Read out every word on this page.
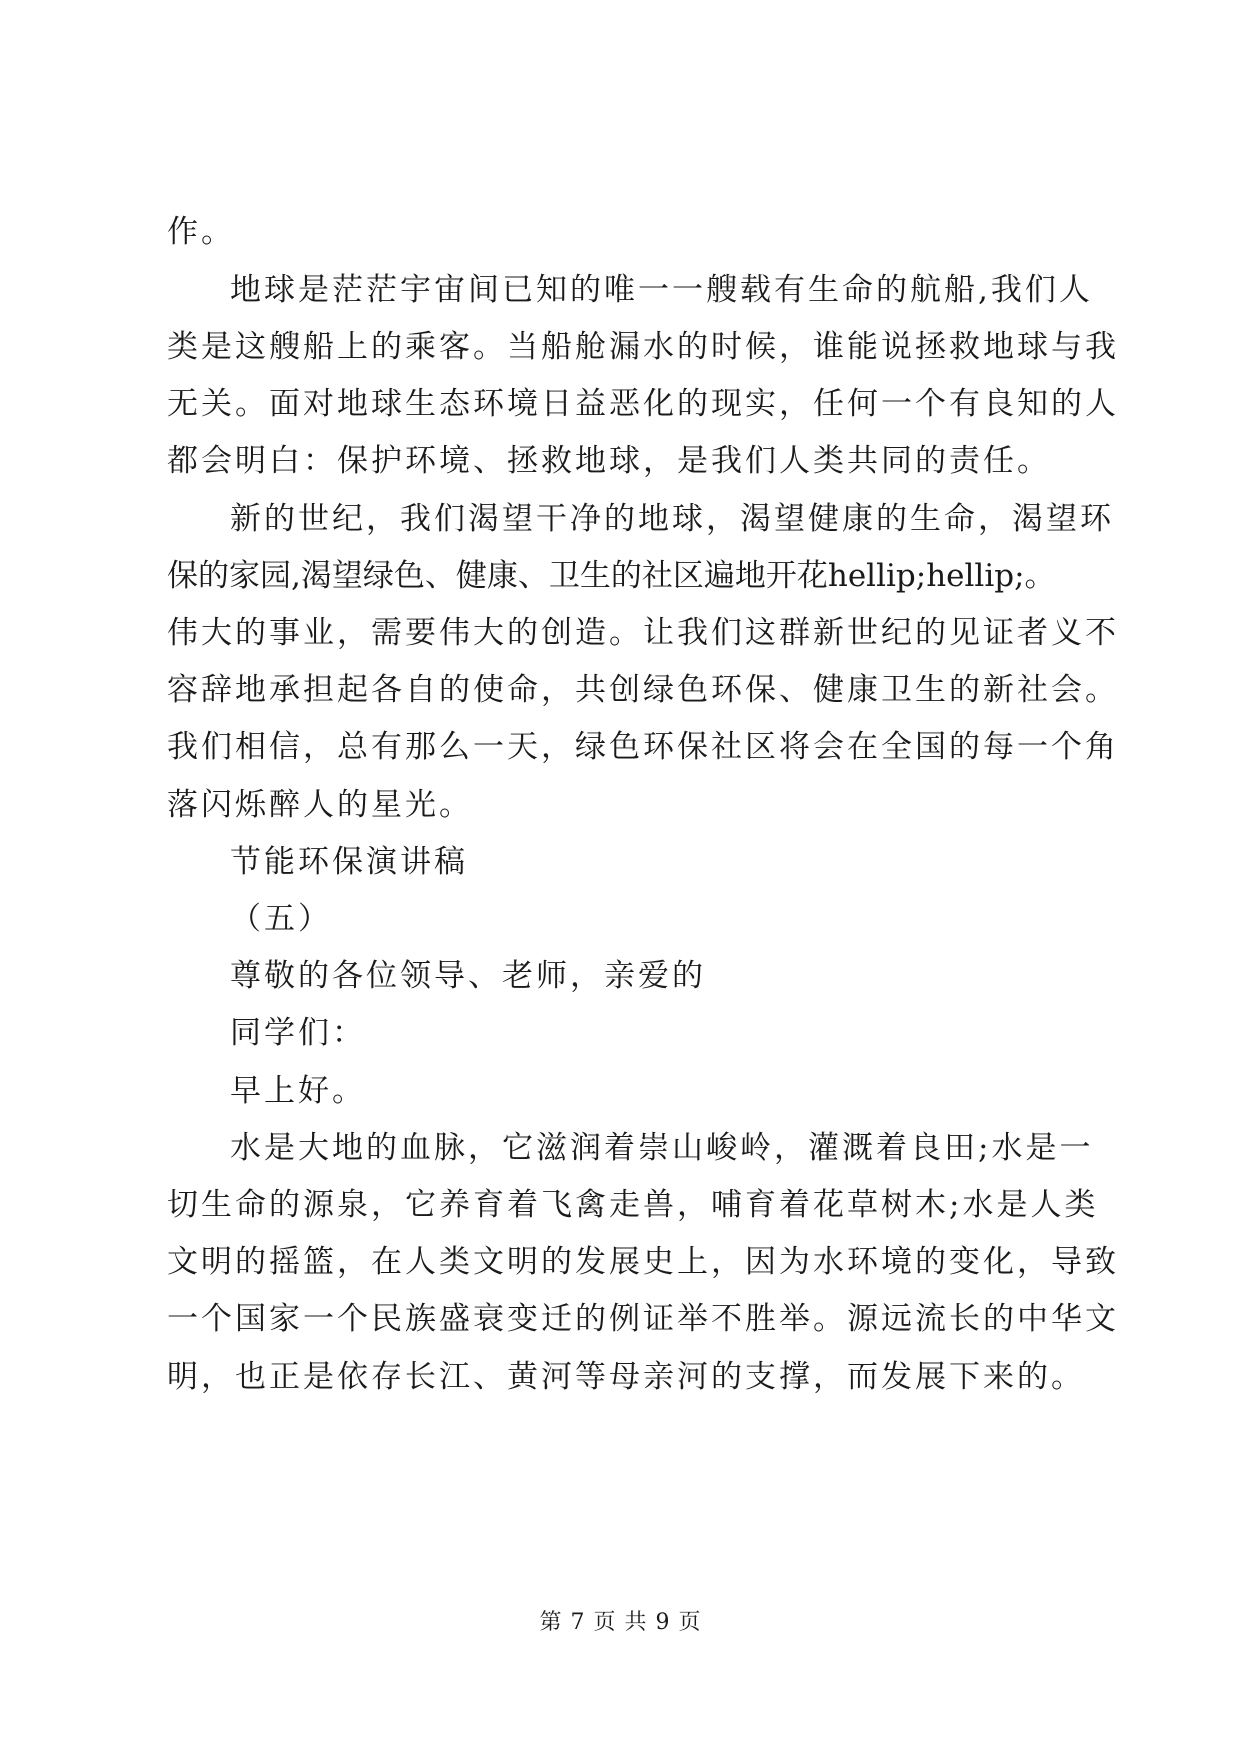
作。
地球是茫茫宇宙间已知的唯一一艘载有生命的航船,我们人
类是这艘船上的乘客。当船舱漏水的时候，谁能说拯救地球与我
无关。面对地球生态环境日益恶化的现实，任何一个有良知的人
都会明白：保护环境、拯救地球，是我们人类共同的责任。
新的世纪，我们渴望干净的地球，渴望健康的生命，渴望环
保的家园,渴望绿色、健康、卫生的社区遍地开花hellip;hellip;。
伟大的事业，需要伟大的创造。让我们这群新世纪的见证者义不
容辞地承担起各自的使命，共创绿色环保、健康卫生的新社会。
我们相信，总有那么一天，绿色环保社区将会在全国的每一个角
落闪烁醉人的星光。
节能环保演讲稿
（五）
尊敬的各位领导、老师，亲爱的
同学们：
早上好。
水是大地的血脉，它滋润着崇山峻岭，灌溉着良田;水是一
切生命的源泉，它养育着飞禽走兽，哺育着花草树木;水是人类
文明的摇篮，在人类文明的发展史上，因为水环境的变化，导致
一个国家一个民族盛衰变迁的例证举不胜举。源远流长的中华文
明，也正是依存长江、黄河等母亲河的支撑，而发展下来的。
第 7 页 共 9 页
